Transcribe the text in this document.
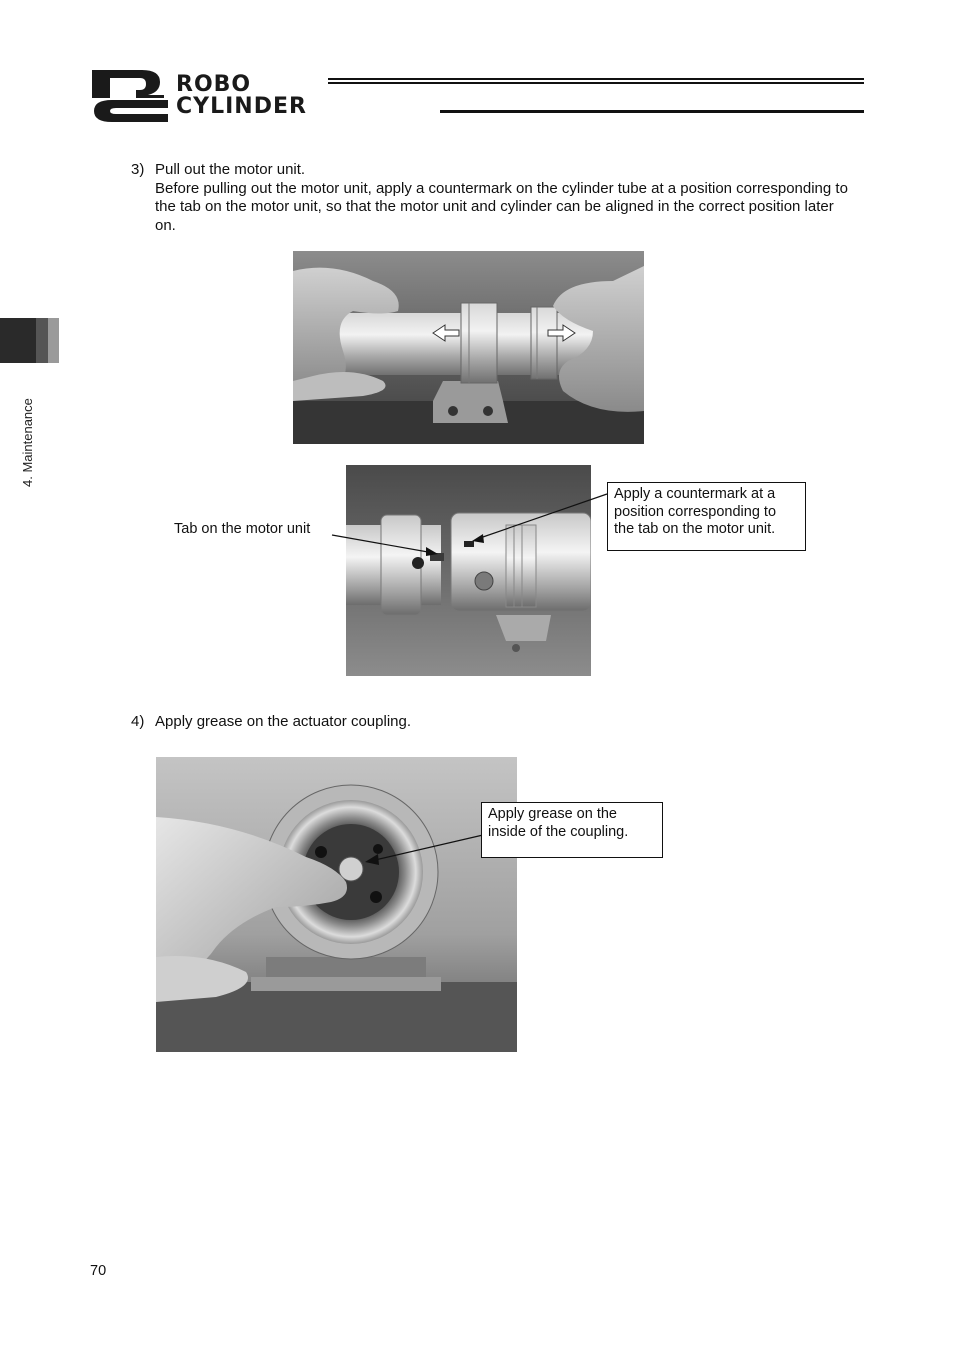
ROBO
CYLINDER
4. Maintenance
3) Pull out the motor unit.
Before pulling out the motor unit, apply a countermark on the cylinder tube at a position corresponding to the tab on the motor unit, so that the motor unit and cylinder can be aligned in the correct position later on.
Tab on the motor unit
Apply a countermark at a position corresponding to the tab on the motor unit.
4) Apply grease on the actuator coupling.
Apply grease on the inside of the coupling.
70
